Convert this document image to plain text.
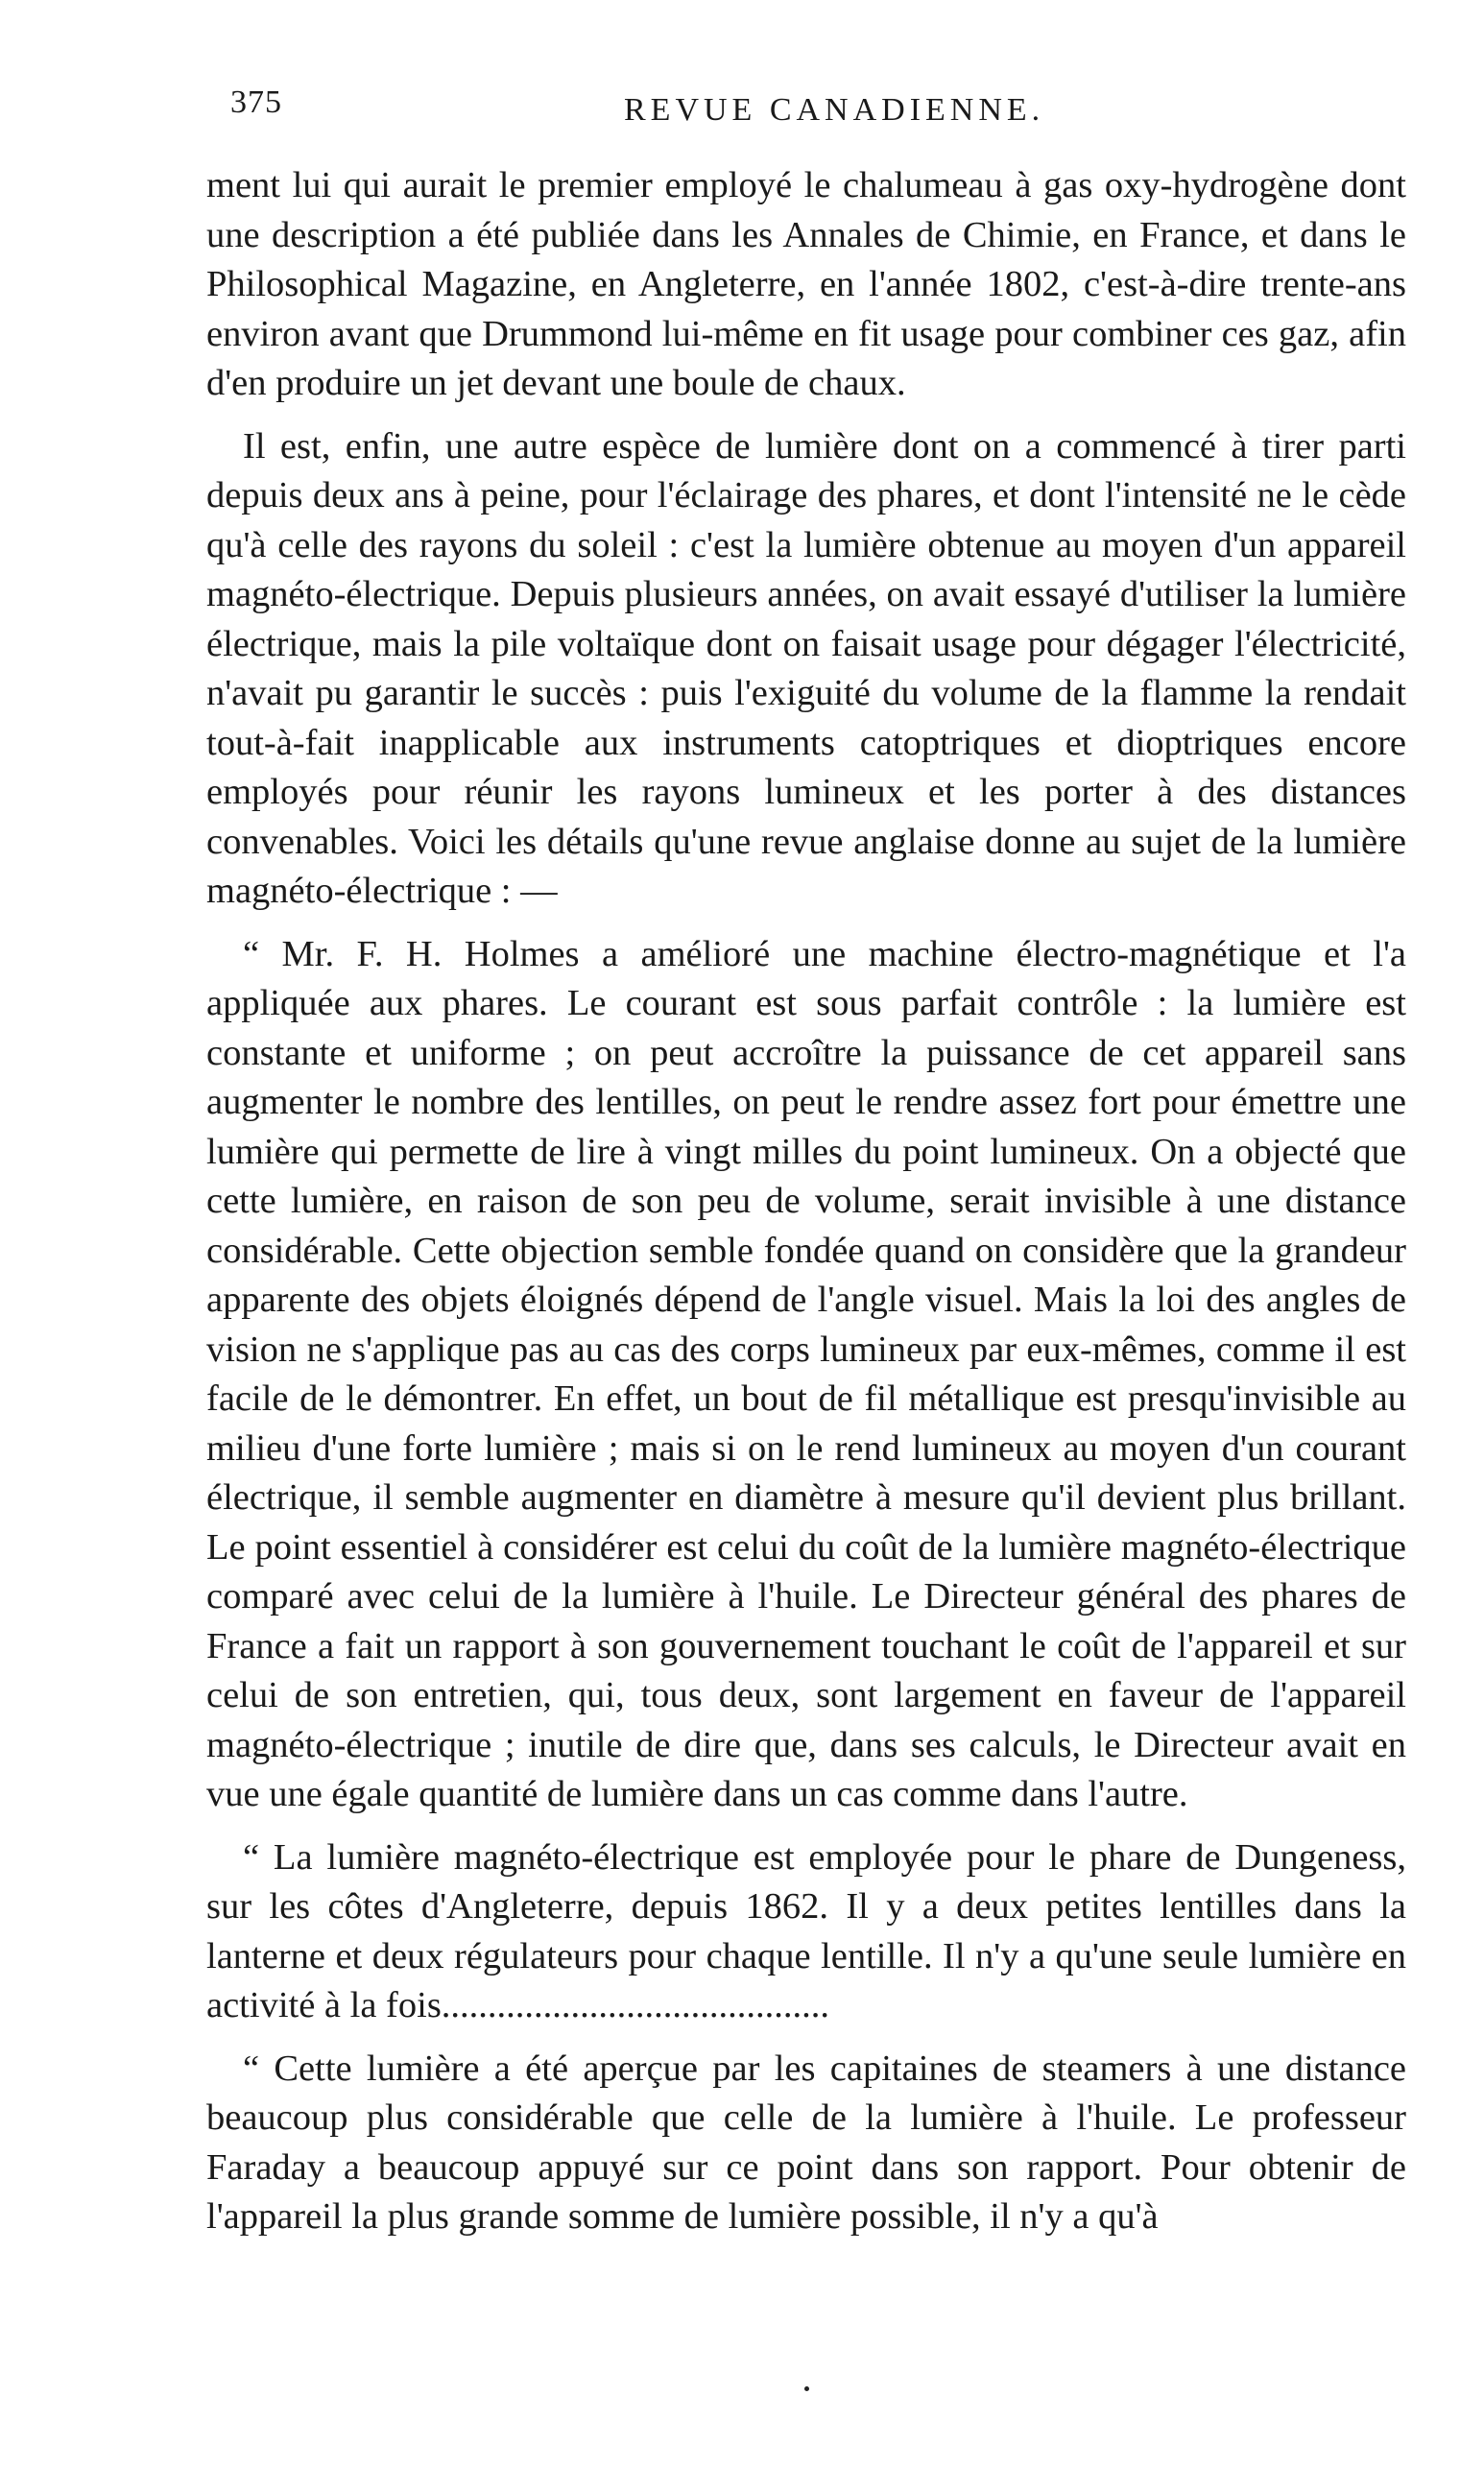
375	REVUE CANADIENNE.

ment lui qui aurait le premier employé le chalumeau à gas oxy-hydrogène dont une description a été publiée dans les Annales de Chimie, en France, et dans le Philosophical Magazine, en Angleterre, en l'année 1802, c'est-à-dire trente-ans environ avant que Drummond lui-même en fit usage pour combiner ces gaz, afin d'en produire un jet devant une boule de chaux.

Il est, enfin, une autre espèce de lumière dont on a commencé à tirer parti depuis deux ans à peine, pour l'éclairage des phares, et dont l'intensité ne le cède qu'à celle des rayons du soleil : c'est la lumière obtenue au moyen d'un appareil magnéto-électrique. Depuis plusieurs années, on avait essayé d'utiliser la lumière électrique, mais la pile voltaïque dont on faisait usage pour dégager l'électricité, n'avait pu garantir le succès : puis l'exiguité du volume de la flamme la rendait tout-à-fait inapplicable aux instruments catoptriques et dioptriques encore employés pour réunir les rayons lumineux et les porter à des distances convenables. Voici les détails qu'une revue anglaise donne au sujet de la lumière magnéto-électrique : —

“ Mr. F. H. Holmes a amélioré une machine électro-magnétique et l'a appliquée aux phares. Le courant est sous parfait contrôle : la lumière est constante et uniforme ; on peut accroître la puissance de cet appareil sans augmenter le nombre des lentilles, on peut le rendre assez fort pour émettre une lumière qui permette de lire à vingt milles du point lumineux. On a objecté que cette lumière, en raison de son peu de volume, serait invisible à une distance considérable. Cette objection semble fondée quand on considère que la grandeur apparente des objets éloignés dépend de l'angle visuel. Mais la loi des angles de vision ne s'applique pas au cas des corps lumineux par eux-mêmes, comme il est facile de le démontrer. En effet, un bout de fil métallique est presqu'invisible au milieu d'une forte lumière ; mais si on le rend lumineux au moyen d'un courant électrique, il semble augmenter en diamètre à mesure qu'il devient plus brillant. Le point essentiel à considérer est celui du coût de la lumière magnéto-électrique comparé avec celui de la lumière à l'huile. Le Directeur général des phares de France a fait un rapport à son gouvernement touchant le coût de l'appareil et sur celui de son entretien, qui, tous deux, sont largement en faveur de l'appareil magnéto-électrique ; inutile de dire que, dans ses calculs, le Directeur avait en vue une égale quantité de lumière dans un cas comme dans l'autre.

“ La lumière magnéto-électrique est employée pour le phare de Dungeness, sur les côtes d'Angleterre, depuis 1862. Il y a deux petites lentilles dans la lanterne et deux régulateurs pour chaque lentille. Il n'y a qu'une seule lumière en activité à la fois..........................................

“ Cette lumière a été aperçue par les capitaines de steamers à une distance beaucoup plus considérable que celle de la lumière à l'huile. Le professeur Faraday a beaucoup appuyé sur ce point dans son rapport. Pour obtenir de l'appareil la plus grande somme de lumière possible, il n'y a qu'à
